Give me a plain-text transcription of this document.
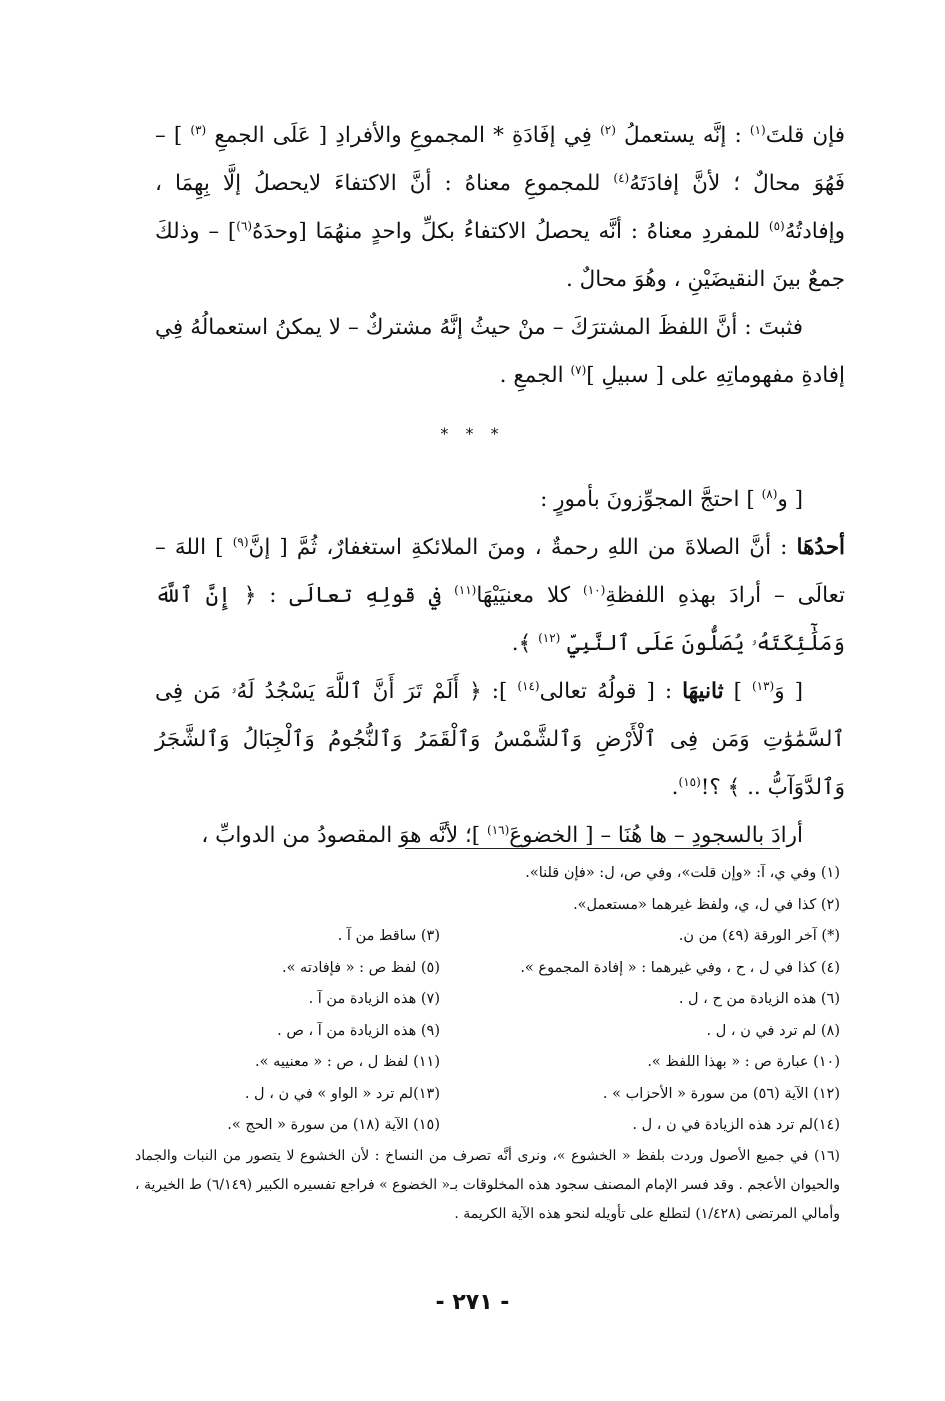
فإن قلتَ$^{(١)}$ : إنَّه يستعملُ $^{(٢)}$ فِي إفَادَةِ * المجموعِ والأفرادِ [ عَلَى الجمعِ $^{(٣)}$ ] – فَهُوَ محالٌ ؛ لأنَّ إفادَتَهُ$^{(٤)}$ للمجموعِ معناهُ : أنَّ الاكتفاءَ لايحصلُ إلَّا بِهِمَا ، وإفادتُهُ$^{(٥)}$ للمفردِ معناهُ : أنَّه يحصلُ الاكتفاءُ بكلِّ واحدٍ منهُمَا [وحدَهُ$^{(٦)}$] – وذلكَ جمعٌ بينَ النقيضَيْنِ ، وهُوَ محالٌ .

فثبتَ : أنَّ اللفظَ المشترَكَ – منْ حيثُ إنَّهُ مشتركٌ – لا يمكنُ استعمالُهُ فِي إفادةِ مفهوماتِهِ على [ سبيلِ ]$^{(٧)}$ الجمعِ .

* * *

[ و$^{(٨)}$ ] احتجَّ المجوِّزونَ بأمورٍ :

أحدُهَا : أنَّ الصلاةَ من اللهِ رحمةٌ ، ومنَ الملائكةِ استغفارٌ، ثُمَّ [ إنَّ$^{(٩)}$ ] اللهَ – تعالَى – أرادَ بهذهِ اللفظةِ$^{(١٠)}$ كلا معنيَيْهَا$^{(١١)}$ في قولِهِ تعالَى : ﴿ إِنَّ ٱللَّهَ وَمَلَٰٓئِكَتَهُۥ يُصَلُّونَ عَلَى ٱلنَّبِيِّ $^{(١٢)}$ ﴾.

[ وَ$^{(١٣)}$ ] ثانيهَا : [ قولُهُ تعالى$^{(١٤)}$ ]: ﴿ أَلَمْ تَرَ أَنَّ ٱللَّهَ يَسْجُدُ لَهُۥ مَن فِى ٱلسَّمَٰوَٰتِ وَمَن فِى ٱلْأَرْضِ وَٱلشَّمْسُ وَٱلْقَمَرُ وَٱلنُّجُومُ وَٱلْجِبَالُ وَٱلشَّجَرُ وَٱلدَّوَآبُّ .. ﴾ ؟!$^{(١٥)}$.

أرادَ بالسجودِ – ها هُنَا – [ الخضوعَ$^{(١٦)}$ ]؛ لأنَّه هوَ المقصودُ من الدوابِّ ،

(١) وفي ي، آ: «وإن قلت»، وفي ص، ل: «فإن قلنا».

(٢) كذا في ل، ي، ولفظ غيرهما «مستعمل».

(*) آخر الورقة (٤٩) من ن.
(٣) ساقط من آ .
(٤) كذا في ل ، ح ، وفي غيرهما : « إفادة المجموع ».
(٥) لفظ ص : « فإفادته ».
(٦) هذه الزيادة من ح ، ل .
(٧) هذه الزيادة من آ .
(٨) لم ترد في ن ، ل .
(٩) هذه الزيادة من آ ، ص .
(١٠) عبارة ص : « بهذا اللفظ ».
(١١) لفظ ل ، ص : « معنييه ».
(١٢) الآية (٥٦) من سورة « الأحزاب » .
(١٣)لم ترد « الواو » في ن ، ل .
(١٤)لم ترد هذه الزيادة في ن ، ل .
(١٥) الآية (١٨) من سورة « الحج ».

(١٦) في جميع الأصول وردت بلفظ « الخشوع »، ونرى أنَّه تصرف من النساخ : لأن الخشوع لا يتصور من النبات والجماد والحيوان الأعجم . وقد فسر الإمام المصنف سجود هذه المخلوقات بـ« الخضوع » فراجع تفسيره الكبير (٦/١٤٩) ط الخيرية ، وأمالي المرتضى (١/٤٢٨) لتطلع على تأويله لنحو هذه الآية الكريمة .

- ٢٧١ -
